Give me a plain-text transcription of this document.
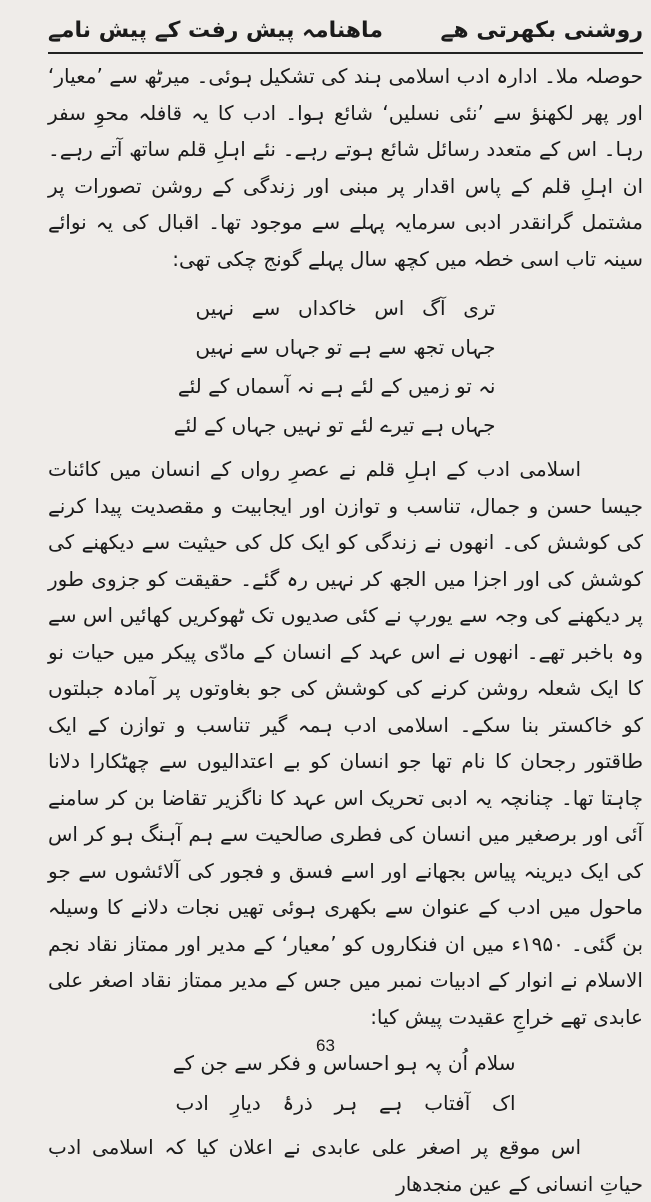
روشنی بکھرتی ھے
ماھنامہ پیش رفت کے پیش نامے

حوصلہ ملا۔ ادارہ ادب اسلامی ہند کی تشکیل ہوئی۔ میرٹھ سے ’معیار‘ اور پھر لکھنؤ سے ’نئی نسلیں‘ شائع ہوا۔ ادب کا یہ قافلہ محوِ سفر رہا۔ اس کے متعدد رسائل شائع ہوتے رہے۔ نئے اہلِ قلم ساتھ آتے رہے۔ ان اہلِ قلم کے پاس اقدار پر مبنی اور زندگی کے روشن تصورات پر مشتمل گرانقدر ادبی سرمایہ پہلے سے موجود تھا۔ اقبال کی یہ نوائے سینہ تاب اسی خطہ میں کچھ سال پہلے گونج چکی تھی:

تری آگ اس خاکداں سے نہیں

جہاں تجھ سے ہے تو جہاں سے نہیں

نہ تو زمیں کے لئے ہے نہ آسماں کے لئے

جہاں ہے تیرے لئے تو نہیں جہاں کے لئے

اسلامی ادب کے اہلِ قلم نے عصرِ رواں کے انسان میں کائنات جیسا حسن و جمال، تناسب و توازن اور ایجابیت و مقصدیت پیدا کرنے کی کوشش کی۔ انھوں نے زندگی کو ایک کل کی حیثیت سے دیکھنے کی کوشش کی اور اجزا میں الجھ کر نہیں رہ گئے۔ حقیقت کو جزوی طور پر دیکھنے کی وجہ سے یورپ نے کئی صدیوں تک ٹھوکریں کھائیں اس سے وہ باخبر تھے۔ انھوں نے اس عہد کے انسان کے مادّی پیکر میں حیات نو کا ایک شعلہ روشن کرنے کی کوشش کی جو بغاوتوں پر آمادہ جبلتوں کو خاکستر بنا سکے۔ اسلامی ادب ہمہ گیر تناسب و توازن کے ایک طاقتور رجحان کا نام تھا جو انسان کو بے اعتدالیوں سے چھٹکارا دلانا چاہتا تھا۔ چنانچہ یہ ادبی تحریک اس عہد کا ناگزیر تقاضا بن کر سامنے آئی اور برصغیر میں انسان کی فطری صالحیت سے ہم آہنگ ہو کر اس کی ایک دیرینہ پیاس بجھانے اور اسے فسق و فجور کی آلائشوں سے جو ماحول میں ادب کے عنوان سے بکھری ہوئی تھیں نجات دلانے کا وسیلہ بن گئی۔ ۱۹۵۰ء میں ان فنکاروں کو ’معیار‘ کے مدیر اور ممتاز نقاد نجم الاسلام نے انوار کے ادبیات نمبر میں جس کے مدیر ممتاز نقاد اصغر علی عابدی تھے خراجِ عقیدت پیش کیا:

سلام اُن پہ ہو احساس و فکر سے جن کے

اک آفتاب ہے ہر ذرۂ دیارِ ادب

اس موقع پر اصغر علی عابدی نے اعلان کیا کہ اسلامی ادب حیاتِ انسانی کے عین منجدھار

63
